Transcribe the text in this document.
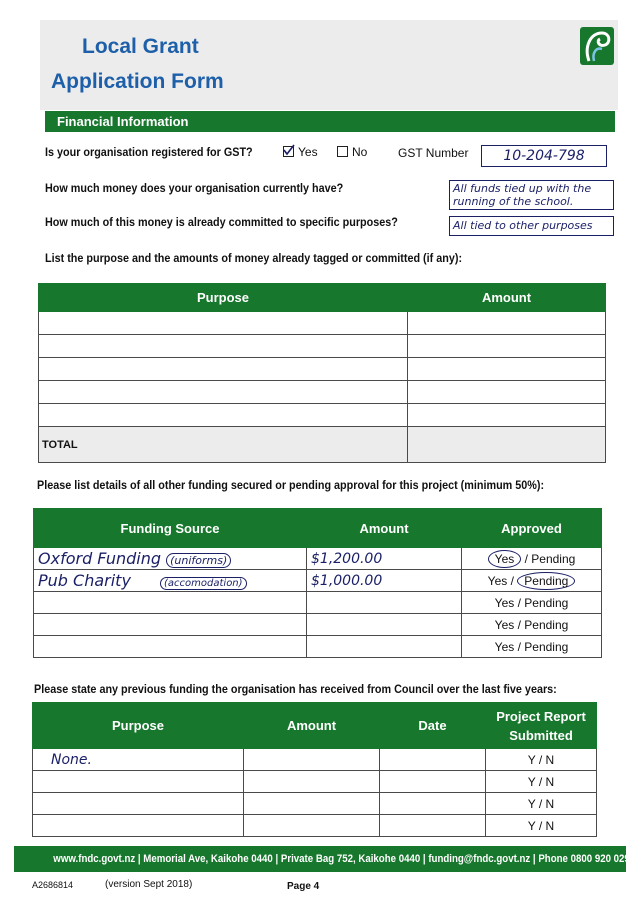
Local Grant
Application Form
Financial Information
Is your organisation registered for GST?	Yes	No	GST Number	10-204-798
How much money does your organisation currently have?	All funds tied up with the running of the school.
How much of this money is already committed to specific purposes?	All tied to other purposes
List the purpose and the amounts of money already tagged or committed (if any):
Purpose	Amount

TOTAL	
Please list details of all other funding secured or pending approval for this project (minimum 50%):
Funding Source	Amount	Approved
Oxford Funding (uniforms)	$1,200.00	Yes / Pending
Pub Charity (accomodation)	$1,000.00	Yes / Pending
		Yes / Pending
		Yes / Pending
		Yes / Pending
Please state any previous funding the organisation has received from Council over the last five years:
Purpose	Amount	Date	Project Report Submitted
None.			Y / N
			Y / N
			Y / N
			Y / N
www.fndc.govt.nz | Memorial Ave, Kaikohe 0440 | Private Bag 752, Kaikohe 0440 | funding@fndc.govt.nz | Phone 0800 920 029
A2686814	(version Sept 2018)	Page 4
